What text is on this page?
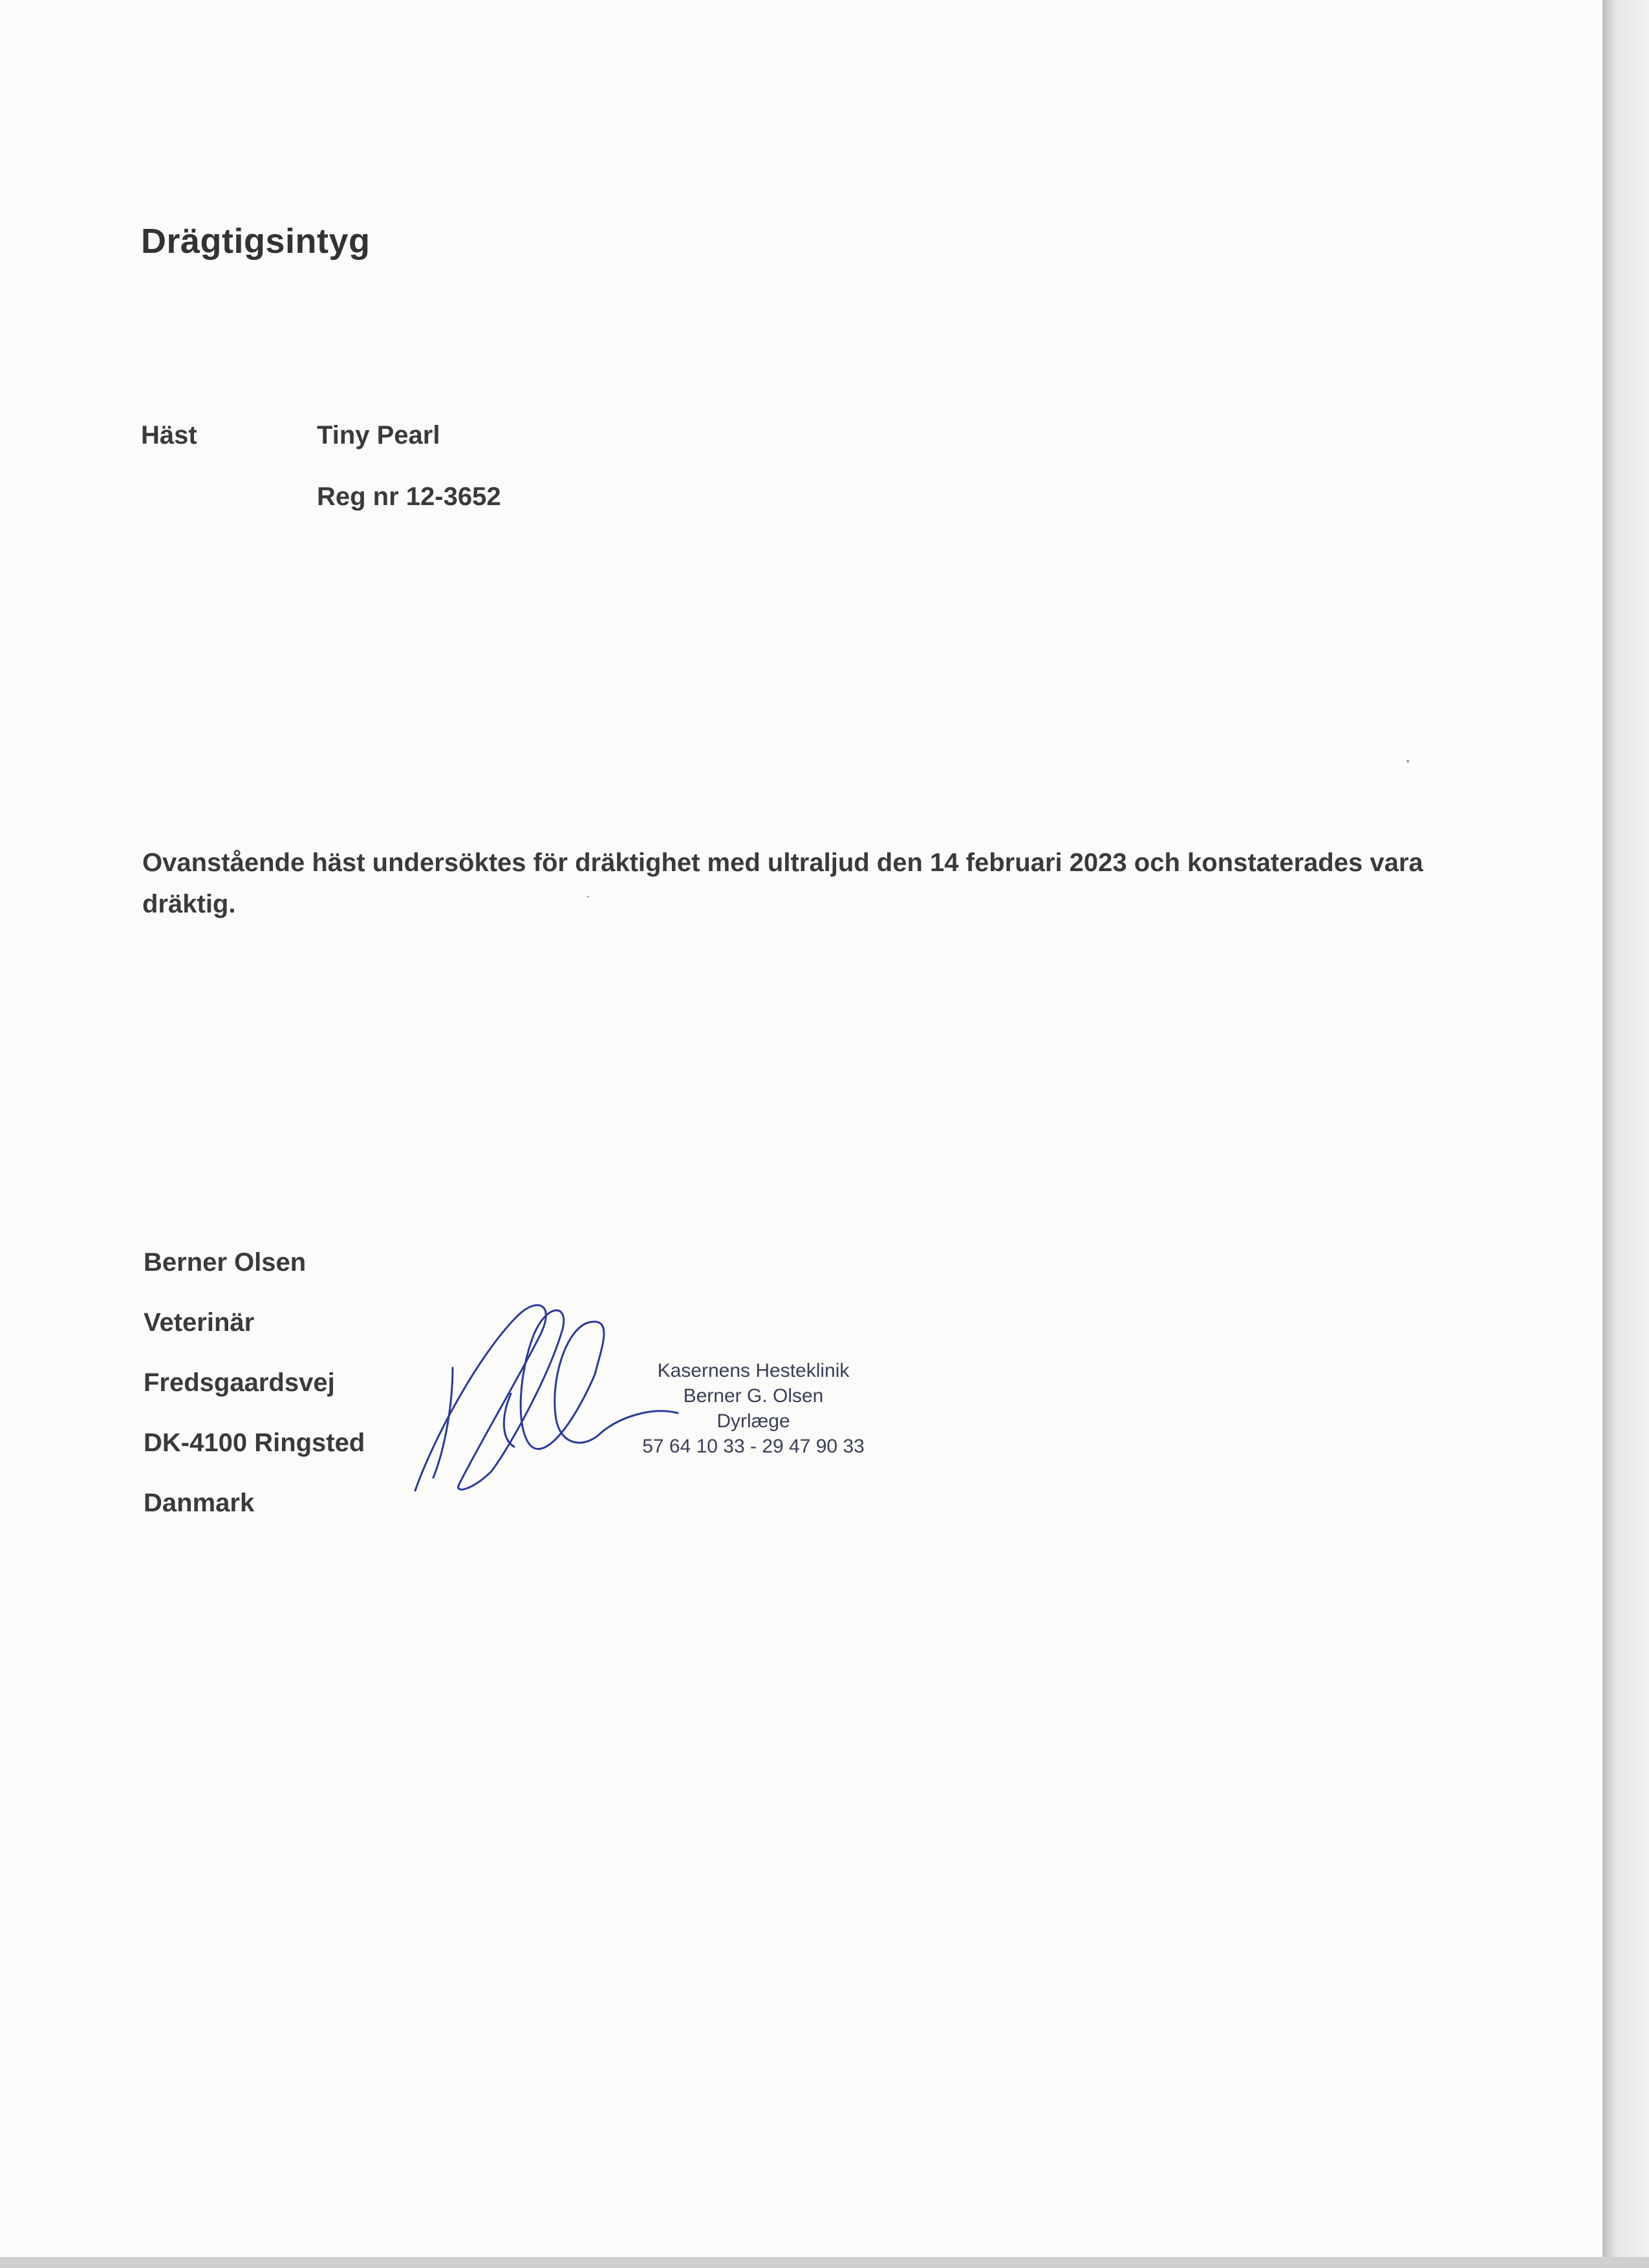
Drägtigsintyg
Häst	Tiny Pearl
Reg nr 12-3652
Ovanstående häst undersöktes för dräktighet med ultraljud den 14 februari 2023 och konstaterades vara dräktig.
Berner Olsen
Veterinär
Fredsgaardsvej
DK-4100 Ringsted
Danmark
Kasernens Hesteklinik
Berner G. Olsen
Dyrlæge
57 64 10 33 - 29 47 90 33
